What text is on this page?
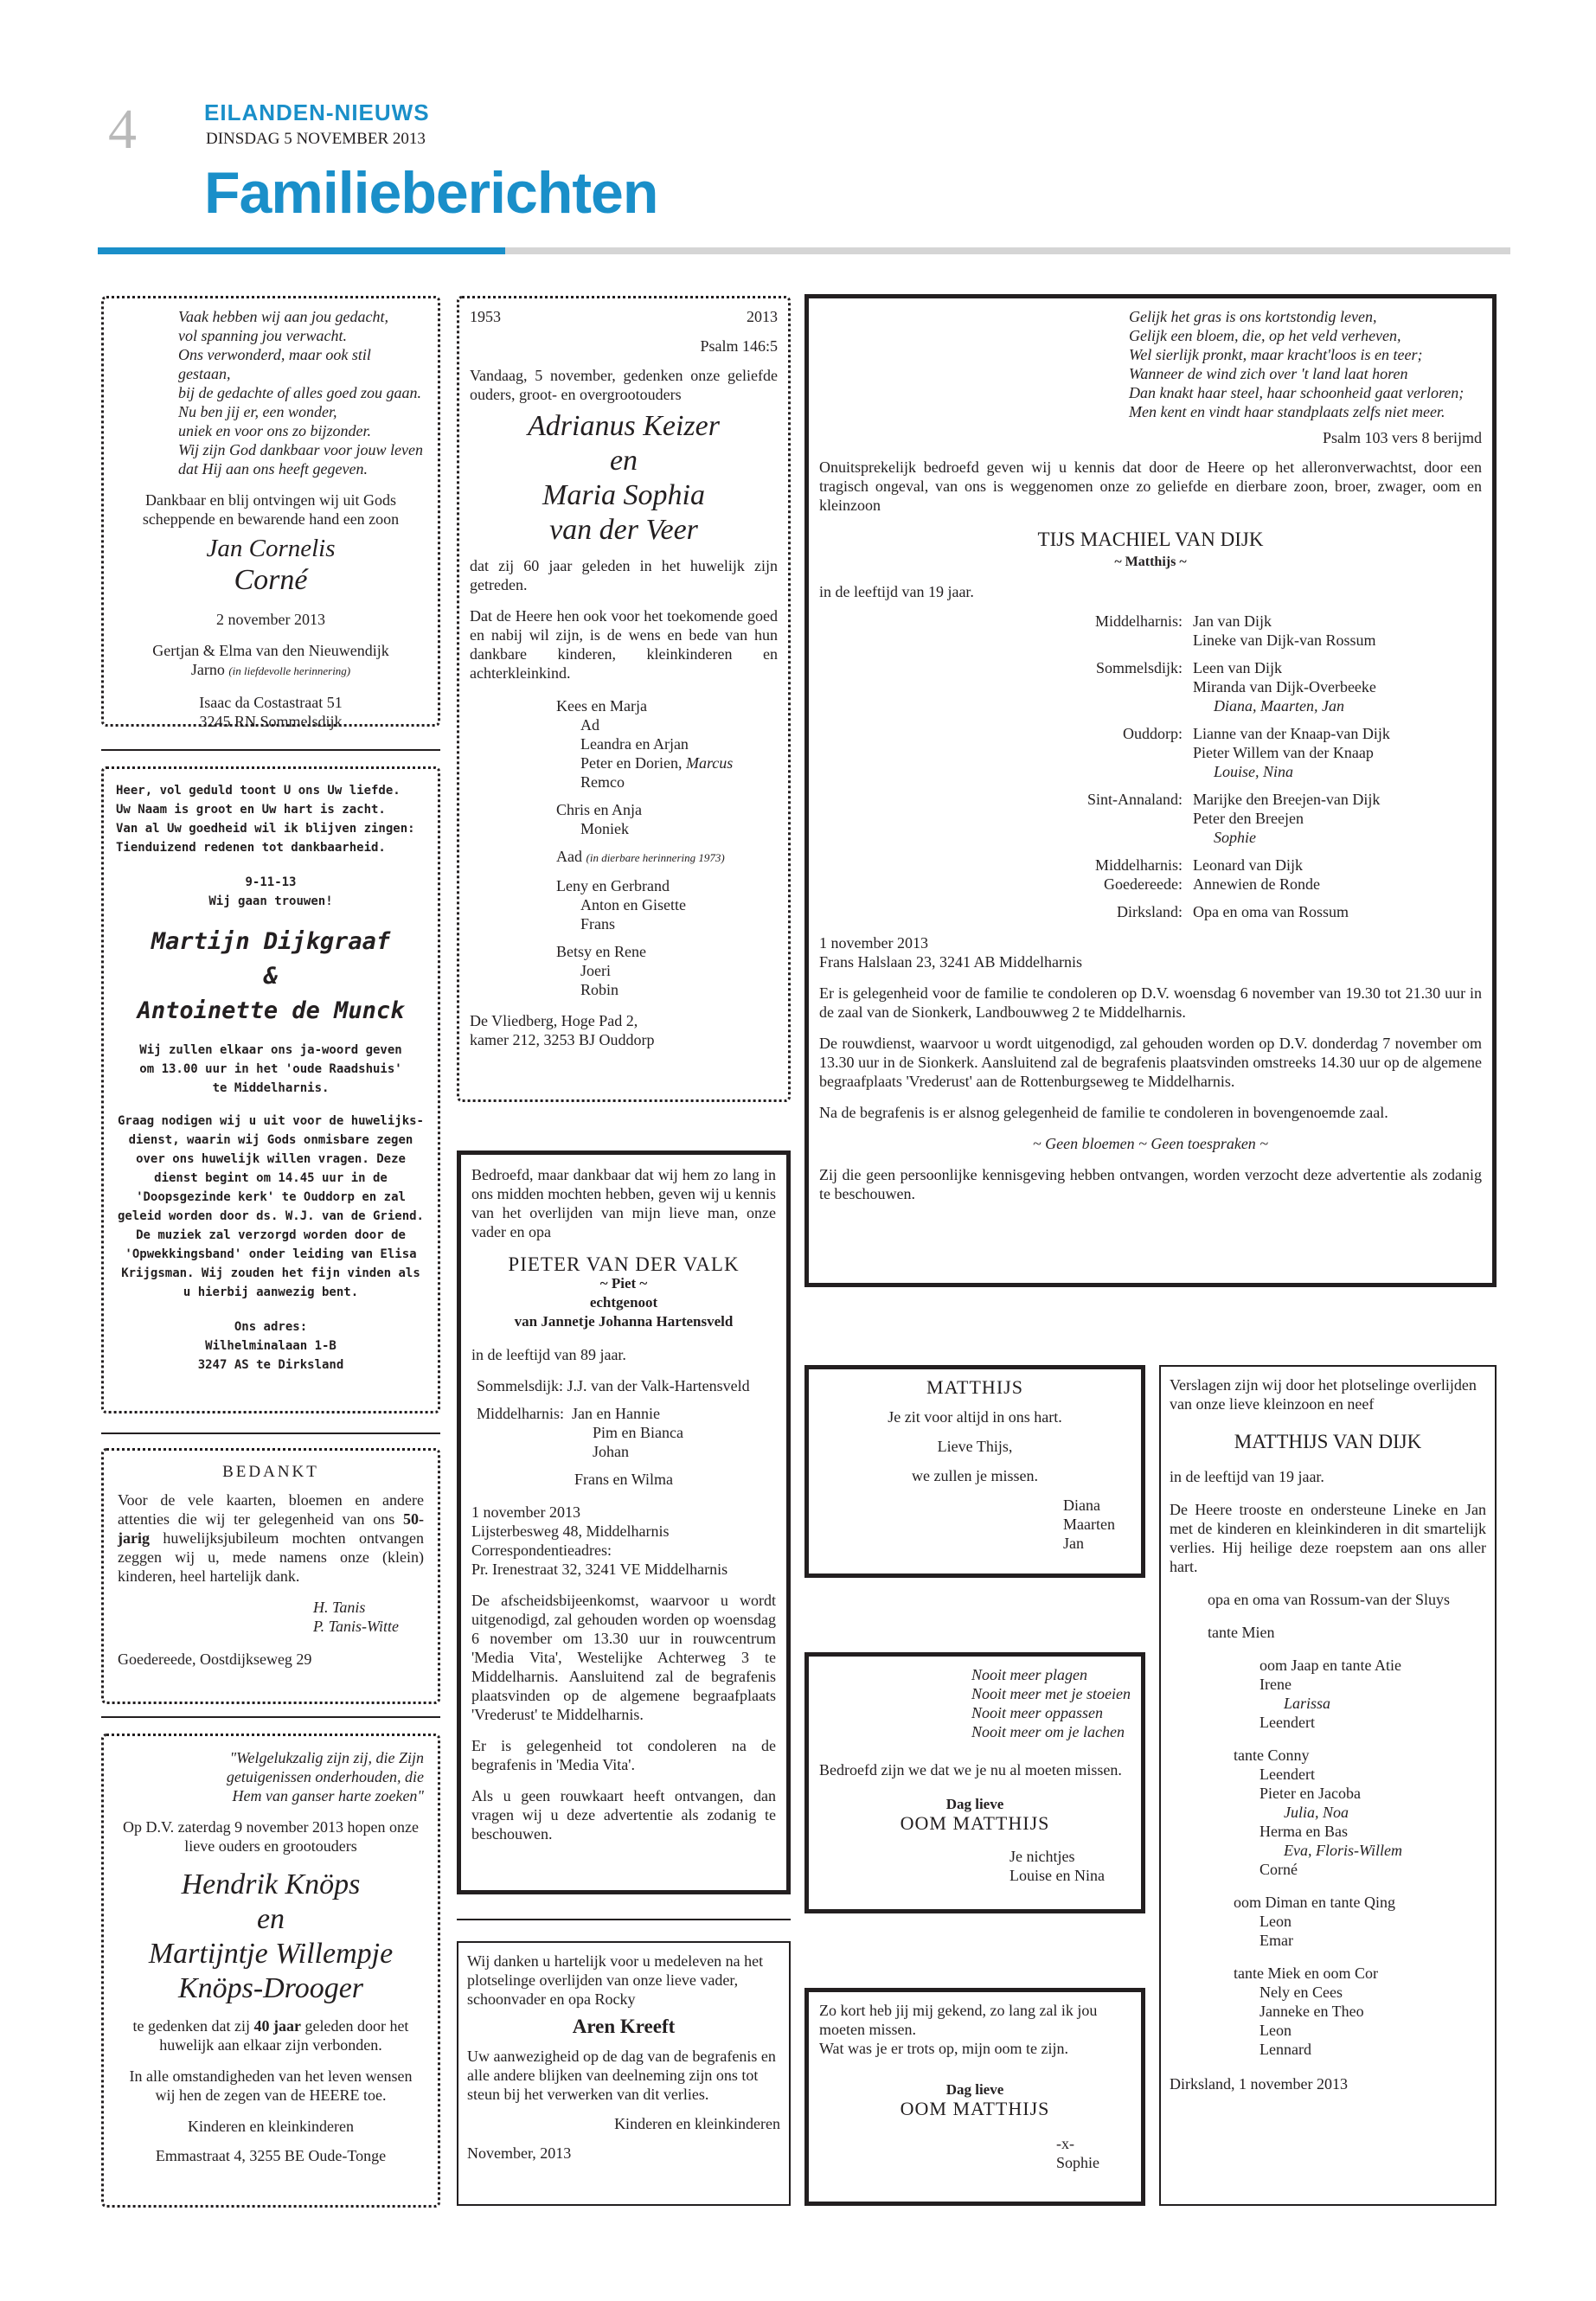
4	EILANDEN-NIEUWS
DINSDAG 5 NOVEMBER 2013
Familieberichten
Vaak hebben wij aan jou gedacht,
vol spanning jou verwacht.
Ons verwonderd, maar ook stil gestaan,
bij de gedachte of alles goed zou gaan.
Nu ben jij er, een wonder,
uniek en voor ons zo bijzonder.
Wij zijn God dankbaar voor jouw leven
dat Hij aan ons heeft gegeven.
Dankbaar en blij ontvingen wij uit Gods scheppende en bewarende hand een zoon
Jan Cornelis
Corné
2 november 2013
Gertjan & Elma van den Nieuwendijk
Jarno (in liefdevolle herinnering)
Isaac da Costastraat 51
3245 RN Sommelsdijk
Heer, vol geduld toont U ons Uw liefde.
Uw Naam is groot en Uw hart is zacht.
Van al Uw goedheid wil ik blijven zingen:
Tienduizend redenen tot dankbaarheid.
9-11-13
Wij gaan trouwen!
Martijn Dijkgraaf
&
Antoinette de Munck
Wij zullen elkaar ons ja-woord geven om 13.00 uur in het 'oude Raadshuis' te Middelharnis.
Graag nodigen wij u uit voor de huwelijks-dienst, waarin wij Gods onmisbare zegen over ons huwelijk willen vragen. Deze dienst begint om 14.45 uur in de 'Doopsgezinde kerk' te Ouddorp en zal geleid worden door ds. W.J. van de Griend. De muziek zal verzorgd worden door de 'Opwekkingsband' onder leiding van Elisa Krijgsman. Wij zouden het fijn vinden als u hierbij aanwezig bent.
Ons adres:
Wilhelminalaan 1-B
3247 AS te Dirksland
BEDANKT
Voor de vele kaarten, bloemen en andere attenties die wij ter gelegenheid van ons 50-jarig huwelijksjubileum mochten ontvangen zeggen wij u, mede namens onze (klein) kinderen, heel hartelijk dank.
H. Tanis
P. Tanis-Witte
Goedereede, Oostdijkseweg 29
"Welgelukzalig zijn zij, die Zijn getuigenissen onderhouden, die Hem van ganser harte zoeken"
Op D.V. zaterdag 9 november 2013 hopen onze lieve ouders en grootouders
Hendrik Knöps
en
Martijntje Willempje
Knöps-Drooger
te gedenken dat zij 40 jaar geleden door het huwelijk aan elkaar zijn verbonden.
In alle omstandigheden van het leven wensen wij hen de zegen van de HEERE toe.
Kinderen en kleinkinderen
Emmastraat 4, 3255 BE Oude-Tonge
1953	2013
Psalm 146:5
Vandaag, 5 november, gedenken onze geliefde ouders, groot- en overgrootouders
Adrianus Keizer
en
Maria Sophia
van der Veer
dat zij 60 jaar geleden in het huwelijk zijn getreden.
Dat de Heere hen ook voor het toekomende goed en nabij wil zijn, is de wens en bede van hun dankbare kinderen, kleinkinderen en achterkleinkind.
Kees en Marja
Ad
Leandra en Arjan
Peter en Dorien, Marcus
Remco
Chris en Anja
Moniek
Aad (in dierbare herinnering 1973)
Leny en Gerbrand
Anton en Gisette
Frans
Betsy en Rene
Joeri
Robin
De Vliedberg, Hoge Pad 2,
kamer 212, 3253 BJ Ouddorp
Bedroefd, maar dankbaar dat wij hem zo lang in ons midden mochten hebben, geven wij u kennis van het overlijden van mijn lieve man, onze vader en opa
PIETER VAN DER VALK
~ Piet ~
echtgenoot
van Jannetje Johanna Hartensveld
in de leeftijd van 89 jaar.
Sommelsdijk: J.J. van der Valk-Hartensveld
Middelharnis: Jan en Hannie
Pim en Bianca
Johan
Frans en Wilma
1 november 2013
Lijsterbesweg 48, Middelharnis
Correspondentieadres:
Pr. Irenestraat 32, 3241 VE Middelharnis
De afscheidsbijeenkomst, waarvoor u wordt uitgenodigd, zal gehouden worden op woensdag 6 november om 13.30 uur in rouwcentrum 'Media Vita', Westelijke Achterweg 3 te Middelharnis. Aansluitend zal de begrafenis plaatsvinden op de algemene begraafplaats 'Vrederust' te Middelharnis.
Er is gelegenheid tot condoleren na de begrafenis in 'Media Vita'.
Als u geen rouwkaart heeft ontvangen, dan vragen wij u deze advertentie als zodanig te beschouwen.
Wij danken u hartelijk voor u medeleven na het plotselinge overlijden van onze lieve vader, schoonvader en opa Rocky
Aren Kreeft
Uw aanwezigheid op de dag van de begrafenis en alle andere blijken van deelneming zijn ons tot steun bij het verwerken van dit verlies.
Kinderen en kleinkinderen
November, 2013
Gelijk het gras is ons kortstondig leven,
Gelijk een bloem, die, op het veld verheven,
Wel sierlijk pronkt, maar kracht'loos is en teer;
Wanneer de wind zich over 't land laat horen
Dan knakt haar steel, haar schoonheid gaat verloren;
Men kent en vindt haar standplaats zelfs niet meer.
Psalm 103 vers 8 berijmd
Onuitsprekelijk bedroefd geven wij u kennis dat door de Heere op het alleronverwachtst, door een tragisch ongeval, van ons is weggenomen onze zo geliefde en dierbare zoon, broer, zwager, oom en kleinzoon
TIJS MACHIEL VAN DIJK
~ Matthijs ~
in de leeftijd van 19 jaar.
Middelharnis: Jan van Dijk
Lineke van Dijk-van Rossum
Sommelsdijk: Leen van Dijk
Miranda van Dijk-Overbeeke
Diana, Maarten, Jan
Ouddorp: Lianne van der Knaap-van Dijk
Pieter Willem van der Knaap
Louise, Nina
Sint-Annaland: Marijke den Breejen-van Dijk
Peter den Breejen
Sophie
Middelharnis: Leonard van Dijk
Goedereede: Annewien de Ronde
Dirksland: Opa en oma van Rossum
1 november 2013
Frans Halslaan 23, 3241 AB Middelharnis
Er is gelegenheid voor de familie te condoleren op D.V. woensdag 6 november van 19.30 tot 21.30 uur in de zaal van de Sionkerk, Landbouwweg 2 te Middelharnis.
De rouwdienst, waarvoor u wordt uitgenodigd, zal gehouden worden op D.V. donderdag 7 november om 13.30 uur in de Sionkerk. Aansluitend zal de begrafenis plaatsvinden omstreeks 14.30 uur op de algemene begraafplaats 'Vrederust' aan de Rottenburgseweg te Middelharnis.
Na de begrafenis is er alsnog gelegenheid de familie te condoleren in bovengenoemde zaal.
~ Geen bloemen ~ Geen toespraken ~
Zij die geen persoonlijke kennisgeving hebben ontvangen, worden verzocht deze advertentie als zodanig te beschouwen.
MATTHIJS
Je zit voor altijd in ons hart.
Lieve Thijs,
we zullen je missen.
Diana
Maarten
Jan
Nooit meer plagen
Nooit meer met je stoeien
Nooit meer oppassen
Nooit meer om je lachen
Bedroefd zijn we dat we je nu al moeten missen.
Dag lieve
OOM MATTHIJS
Je nichtjes
Louise en Nina
Zo kort heb jij mij gekend, zo lang zal ik jou moeten missen.
Wat was je er trots op, mijn oom te zijn.
Dag lieve
OOM MATTHIJS
-x-
Sophie
Verslagen zijn wij door het plotselinge overlijden van onze lieve kleinzoon en neef
MATTHIJS VAN DIJK
in de leeftijd van 19 jaar.
De Heere trooste en ondersteune Lineke en Jan met de kinderen en kleinkinderen in dit smartelijk verlies. Hij heilige deze roepstem aan ons aller hart.
opa en oma van Rossum-van der Sluys
tante Mien
oom Jaap en tante Atie
Irene
Larissa
Leendert
tante Conny
Leendert
Pieter en Jacoba
Julia, Noa
Herma en Bas
Eva, Floris-Willem
Corné
oom Diman en tante Qing
Leon
Emar
tante Miek en oom Cor
Nely en Cees
Janneke en Theo
Leon
Lennard
Dirksland, 1 november 2013
